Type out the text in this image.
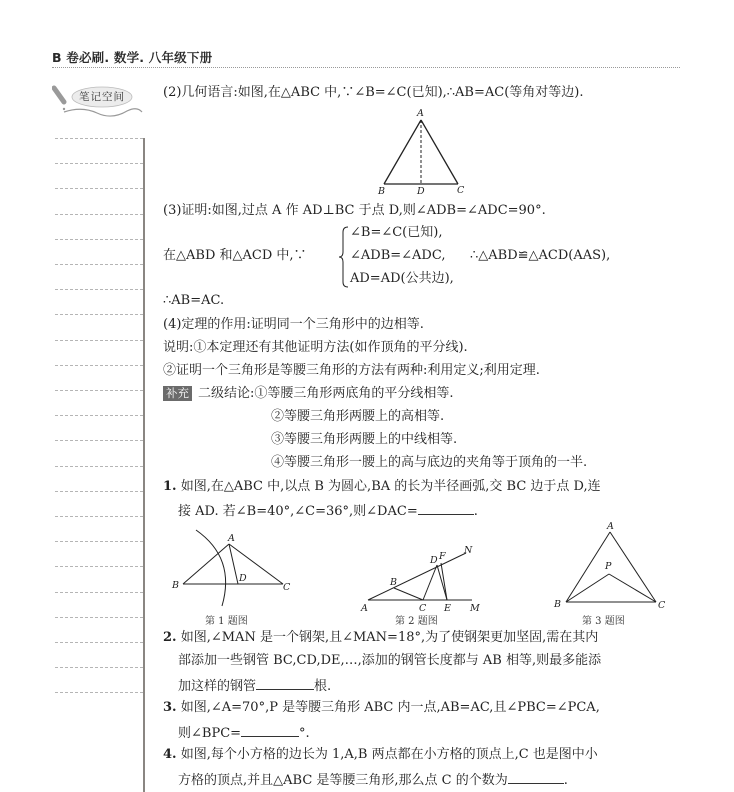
B 卷必刷. 数学. 八年级下册
笔记空间	(2)几何语言:如图,在△ABC 中,∵∠B=∠C(已知),∴AB=AC(等角对等边).
A
B	D	C
(3)证明:如图,过点 A 作 AD⊥BC 于点 D,则∠ADB=∠ADC=90°.
在△ABD 和△ACD 中,∵
∠B=∠C(已知),
∠ADB=∠ADC, ∴△ABD≌△ACD(AAS),
AD=AD(公共边),
∴AB=AC.
(4)定理的作用:证明同一个三角形中的边相等.
说明:①本定理还有其他证明方法(如作顶角的平分线).
②证明一个三角形是等腰三角形的方法有两种:利用定义;利用定理.
补充 二级结论:①等腰三角形两底角的平分线相等.
②等腰三角形两腰上的高相等.
③等腰三角形两腰上的中线相等.
④等腰三角形一腰上的高与底边的夹角等于顶角的一半.
1. 如图,在△ABC 中,以点 B 为圆心,BA 的长为半径画弧,交 BC 边于点 D,连
接 AD. 若∠B=40°,∠C=36°,则∠DAC=	.
A
B
D
C
第 1 题图
A
B
C
D
E
F
M
N
第 2 题图
A
P
B	C
第 3 题图
2. 如图,∠MAN 是一个钢架,且∠MAN=18°,为了使钢架更加坚固,需在其内
部添加一些钢管 BC,CD,DE,…,添加的钢管长度都与 AB 相等,则最多能添
加这样的钢管	根.
3. 如图,∠A=70°,P 是等腰三角形 ABC 内一点,AB=AC,且∠PBC=∠PCA,
则∠BPC=	°.
4. 如图,每个小方格的边长为 1,A,B 两点都在小方格的顶点上,C 也是图中小
方格的顶点,并且△ABC 是等腰三角形,那么点 C 的个数为	.
